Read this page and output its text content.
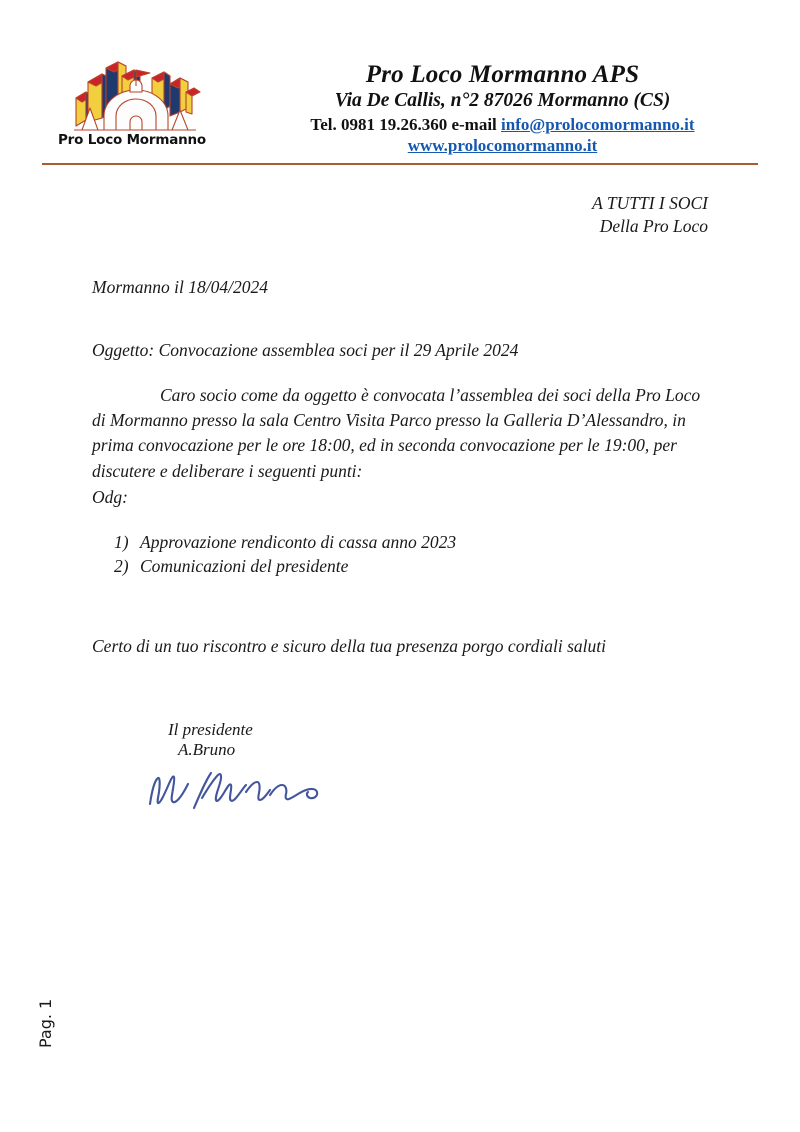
Pro Loco Mormanno
Pro Loco Mormanno APS
Via De Callis, n°2 87026 Mormanno (CS)
Tel. 0981 19.26.360 e-mail info@prolocomormanno.it
www.prolocomormanno.it
A TUTTI I SOCI
Della Pro Loco
Mormanno il 18/04/2024
Oggetto: Convocazione assemblea soci per il 29 Aprile 2024
Caro socio come da oggetto è convocata l’assemblea dei soci della Pro Loco di Mormanno presso la sala Centro Visita Parco presso la Galleria D’Alessandro, in prima convocazione per le ore 18:00, ed in seconda convocazione per le 19:00, per discutere e deliberare i seguenti punti:
Odg:
1) Approvazione rendiconto di cassa anno 2023
2) Comunicazioni del presidente
Certo di un tuo riscontro e sicuro della tua presenza porgo cordiali saluti
Il presidente
A.Bruno
Pag. 1
